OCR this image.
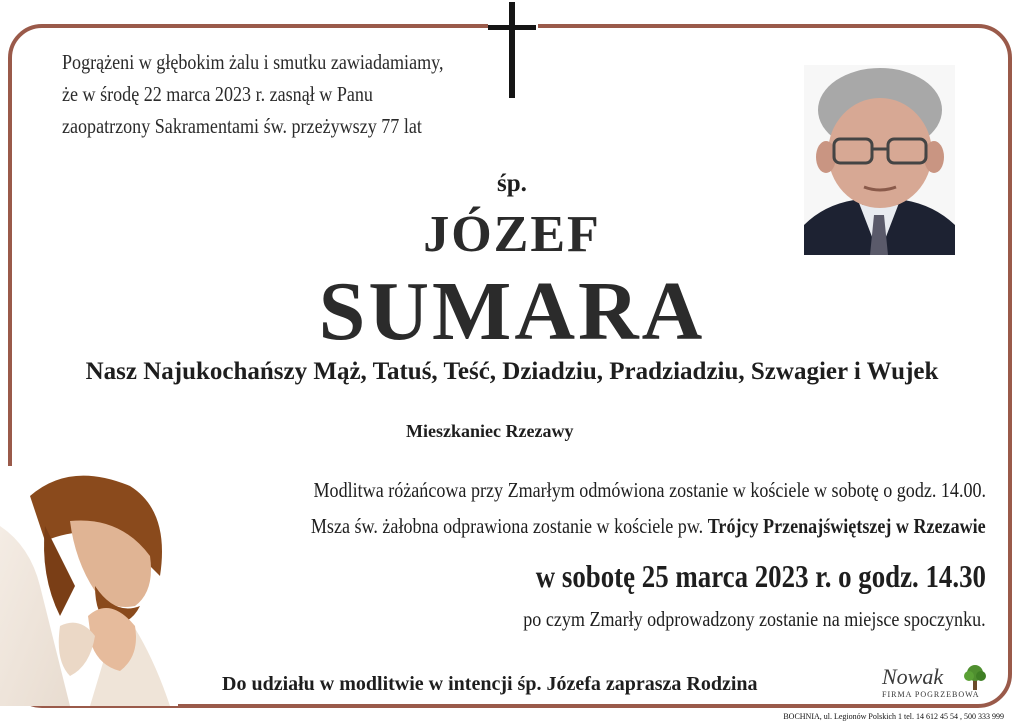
Pogrążeni w głębokim żalu i smutku zawiadamiamy,
że w środę 22 marca 2023 r. zasnął w Panu
zaopatrzony Sakramentami św. przeżywszy 77 lat
śp.
JÓZEF
SUMARA
Nasz Najukochańszy Mąż, Tatuś, Teść, Dziadziu, Pradziadziu, Szwagier i Wujek
Mieszkaniec Rzezawy
Modlitwa różańcowa przy Zmarłym odmówiona zostanie w kościele w sobotę o godz. 14.00.
Msza św. żałobna odprawiona zostanie w kościele pw. Trójcy Przenajświętszej w Rzezawie
w sobotę 25 marca 2023 r. o godz. 14.30
po czym Zmarły odprowadzony zostanie na miejsce spoczynku.
Do udziału w modlitwie w intencji śp. Józefa zaprasza Rodzina	Nowak
FIRMA POGRZEBOWA
BOCHNIA, ul. Legionów Polskich 1 tel. 14 612 45 54 , 500 333 999
